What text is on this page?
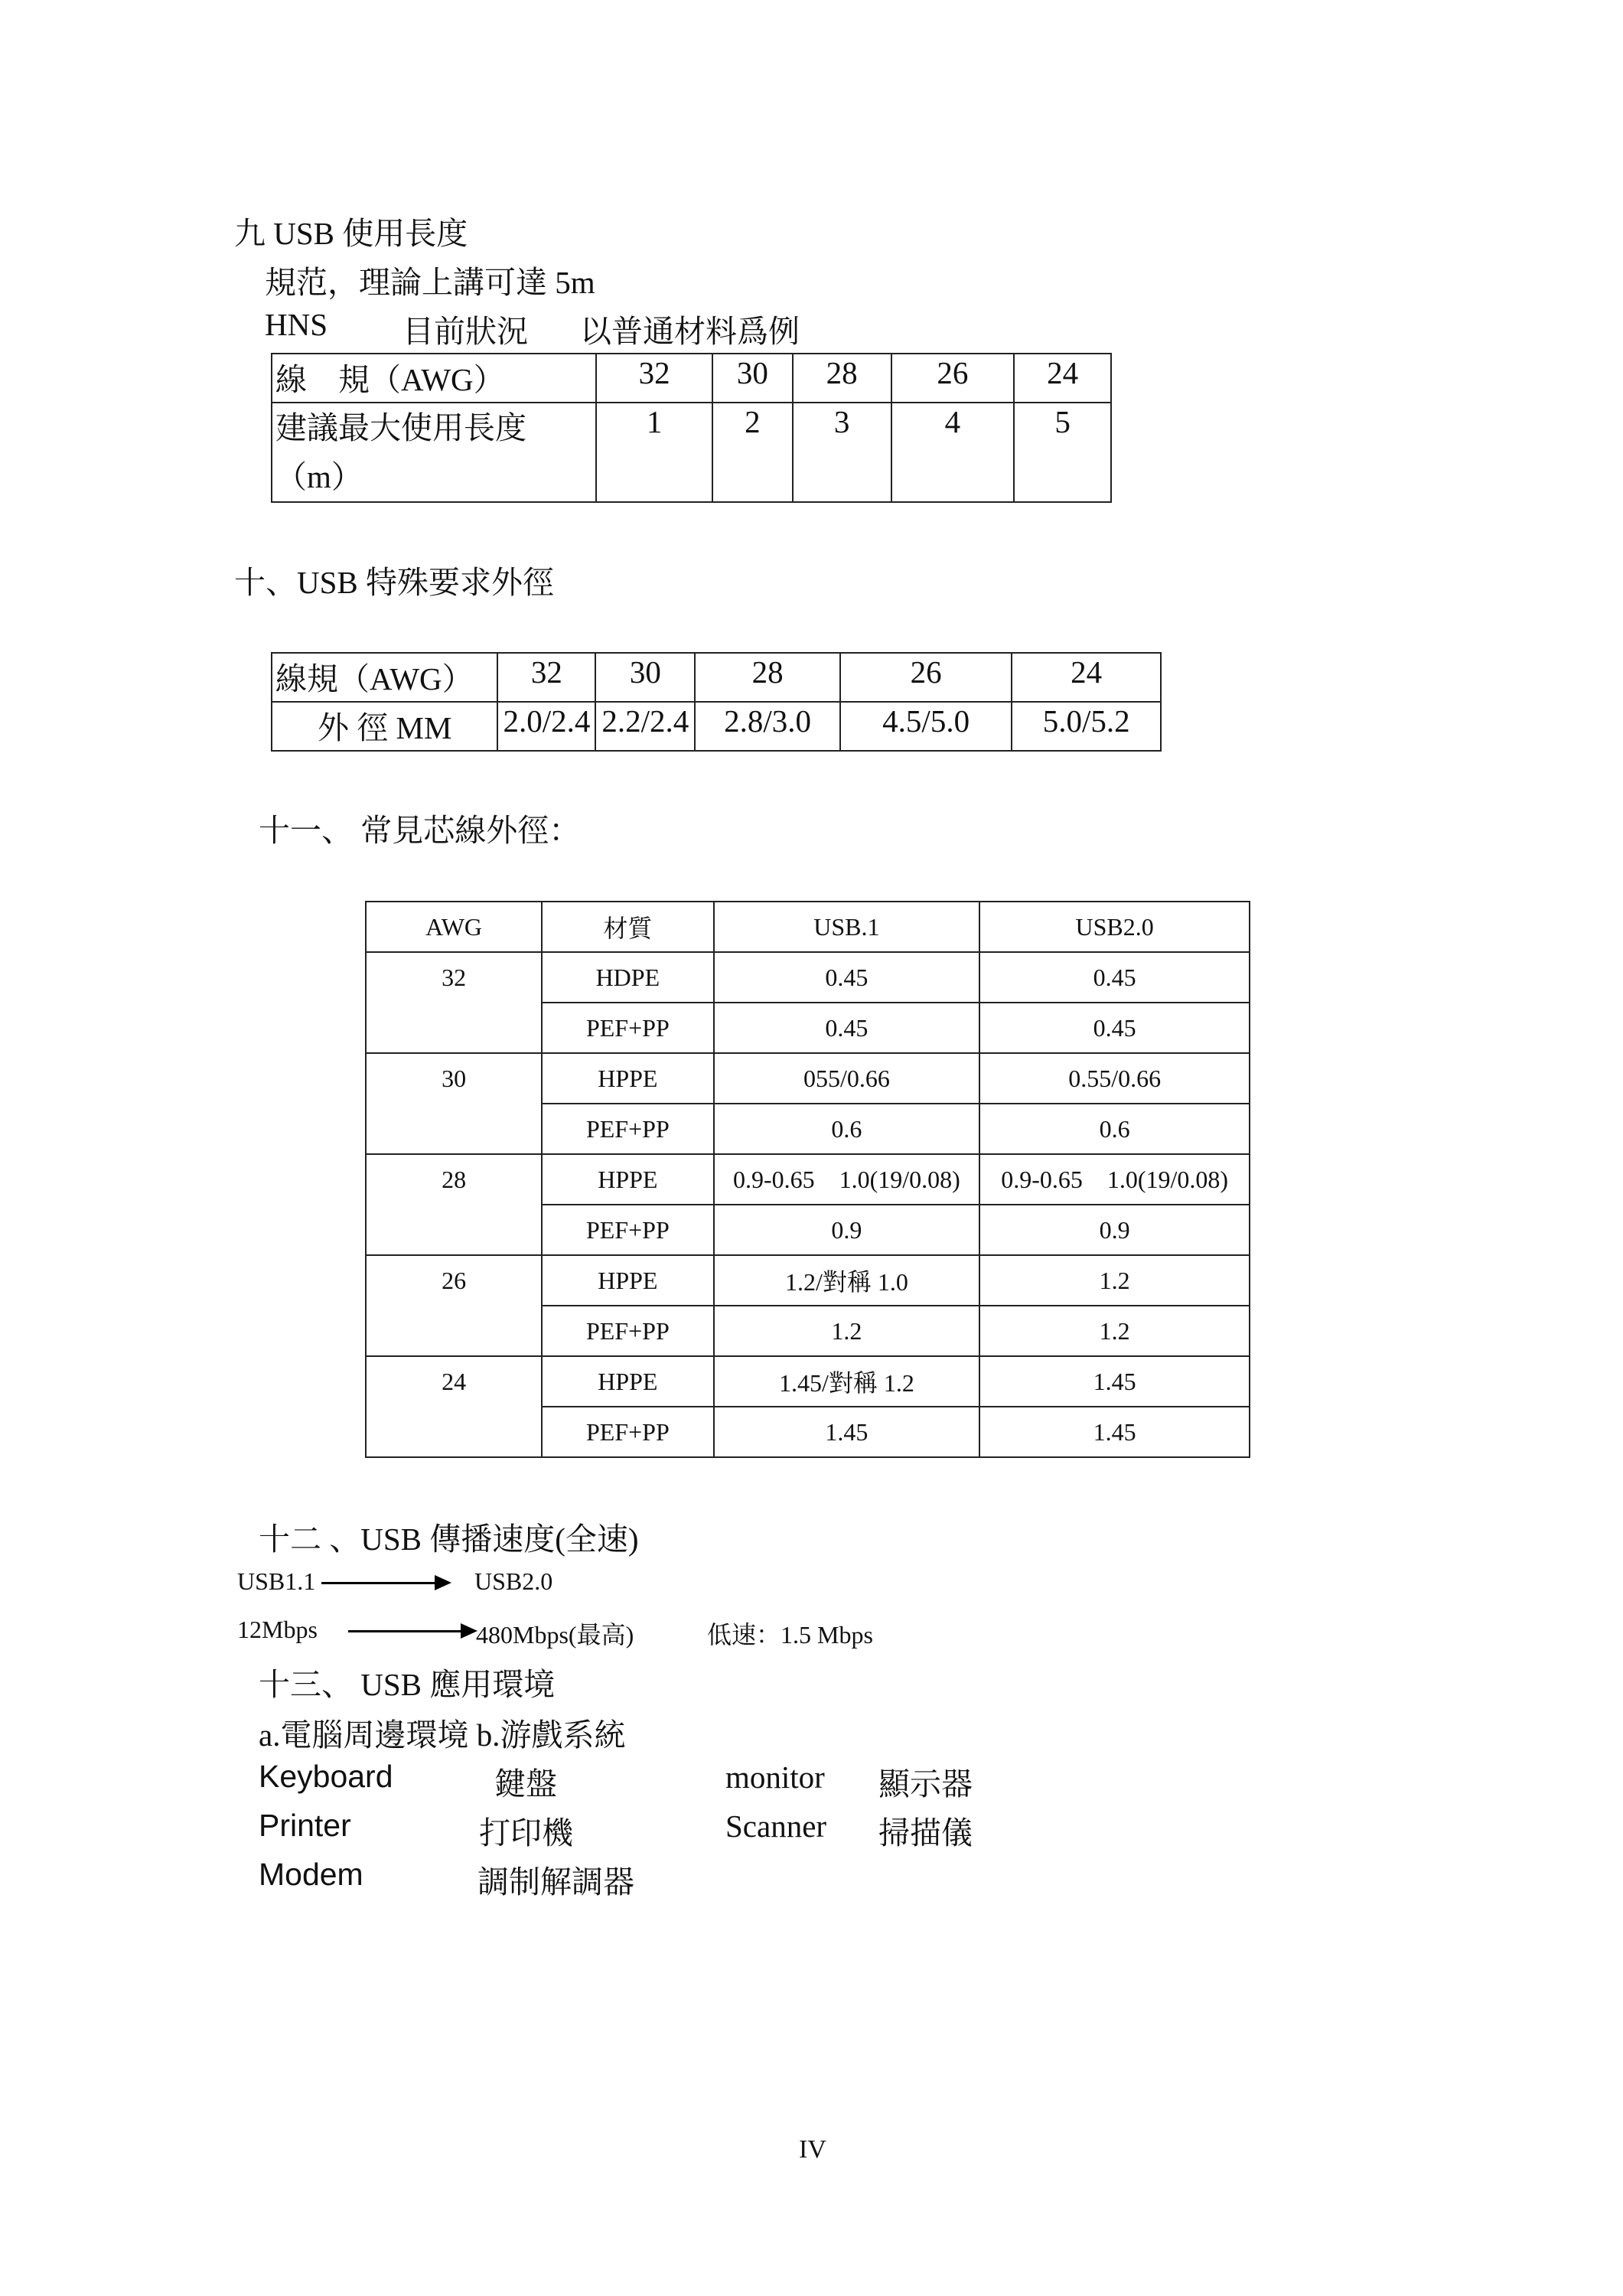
九 USB 使用長度
規范，理論上講可達 5m
HNS 目前狀況 以普通材料爲例
線　規（AWG）	32	30	28	26	24
建議最大使用長度（m）	1	2	3	4	5
十、USB 特殊要求外徑
線規（AWG）	32	30	28	26	24
外 徑 MM	2.0/2.4	2.2/2.4	2.8/3.0	4.5/5.0	5.0/5.2
十一、 常見芯線外徑：
AWG	材質	USB.1	USB2.0
32	HDPE	0.45	0.45
	PEF+PP	0.45	0.45
30	HPPE	055/0.66	0.55/0.66
	PEF+PP	0.6	0.6
28	HPPE	0.9-0.65    1.0(19/0.08)	0.9-0.65    1.0(19/0.08)
	PEF+PP	0.9	0.9
26	HPPE	1.2/對稱 1.0	1.2
	PEF+PP	1.2	1.2
24	HPPE	1.45/對稱 1.2	1.45
	PEF+PP	1.45	1.45
十二 、USB 傳播速度(全速)
USB1.1	USB2.0
12Mbps	480Mbps(最高)	低速：1.5 Mbps
十三、 USB 應用環境
a.電腦周邊環境 b.游戲系統
Keyboard	鍵盤	monitor 顯示器
Printer	打印機	Scanner 掃描儀
Modem	調制解調器
IV
